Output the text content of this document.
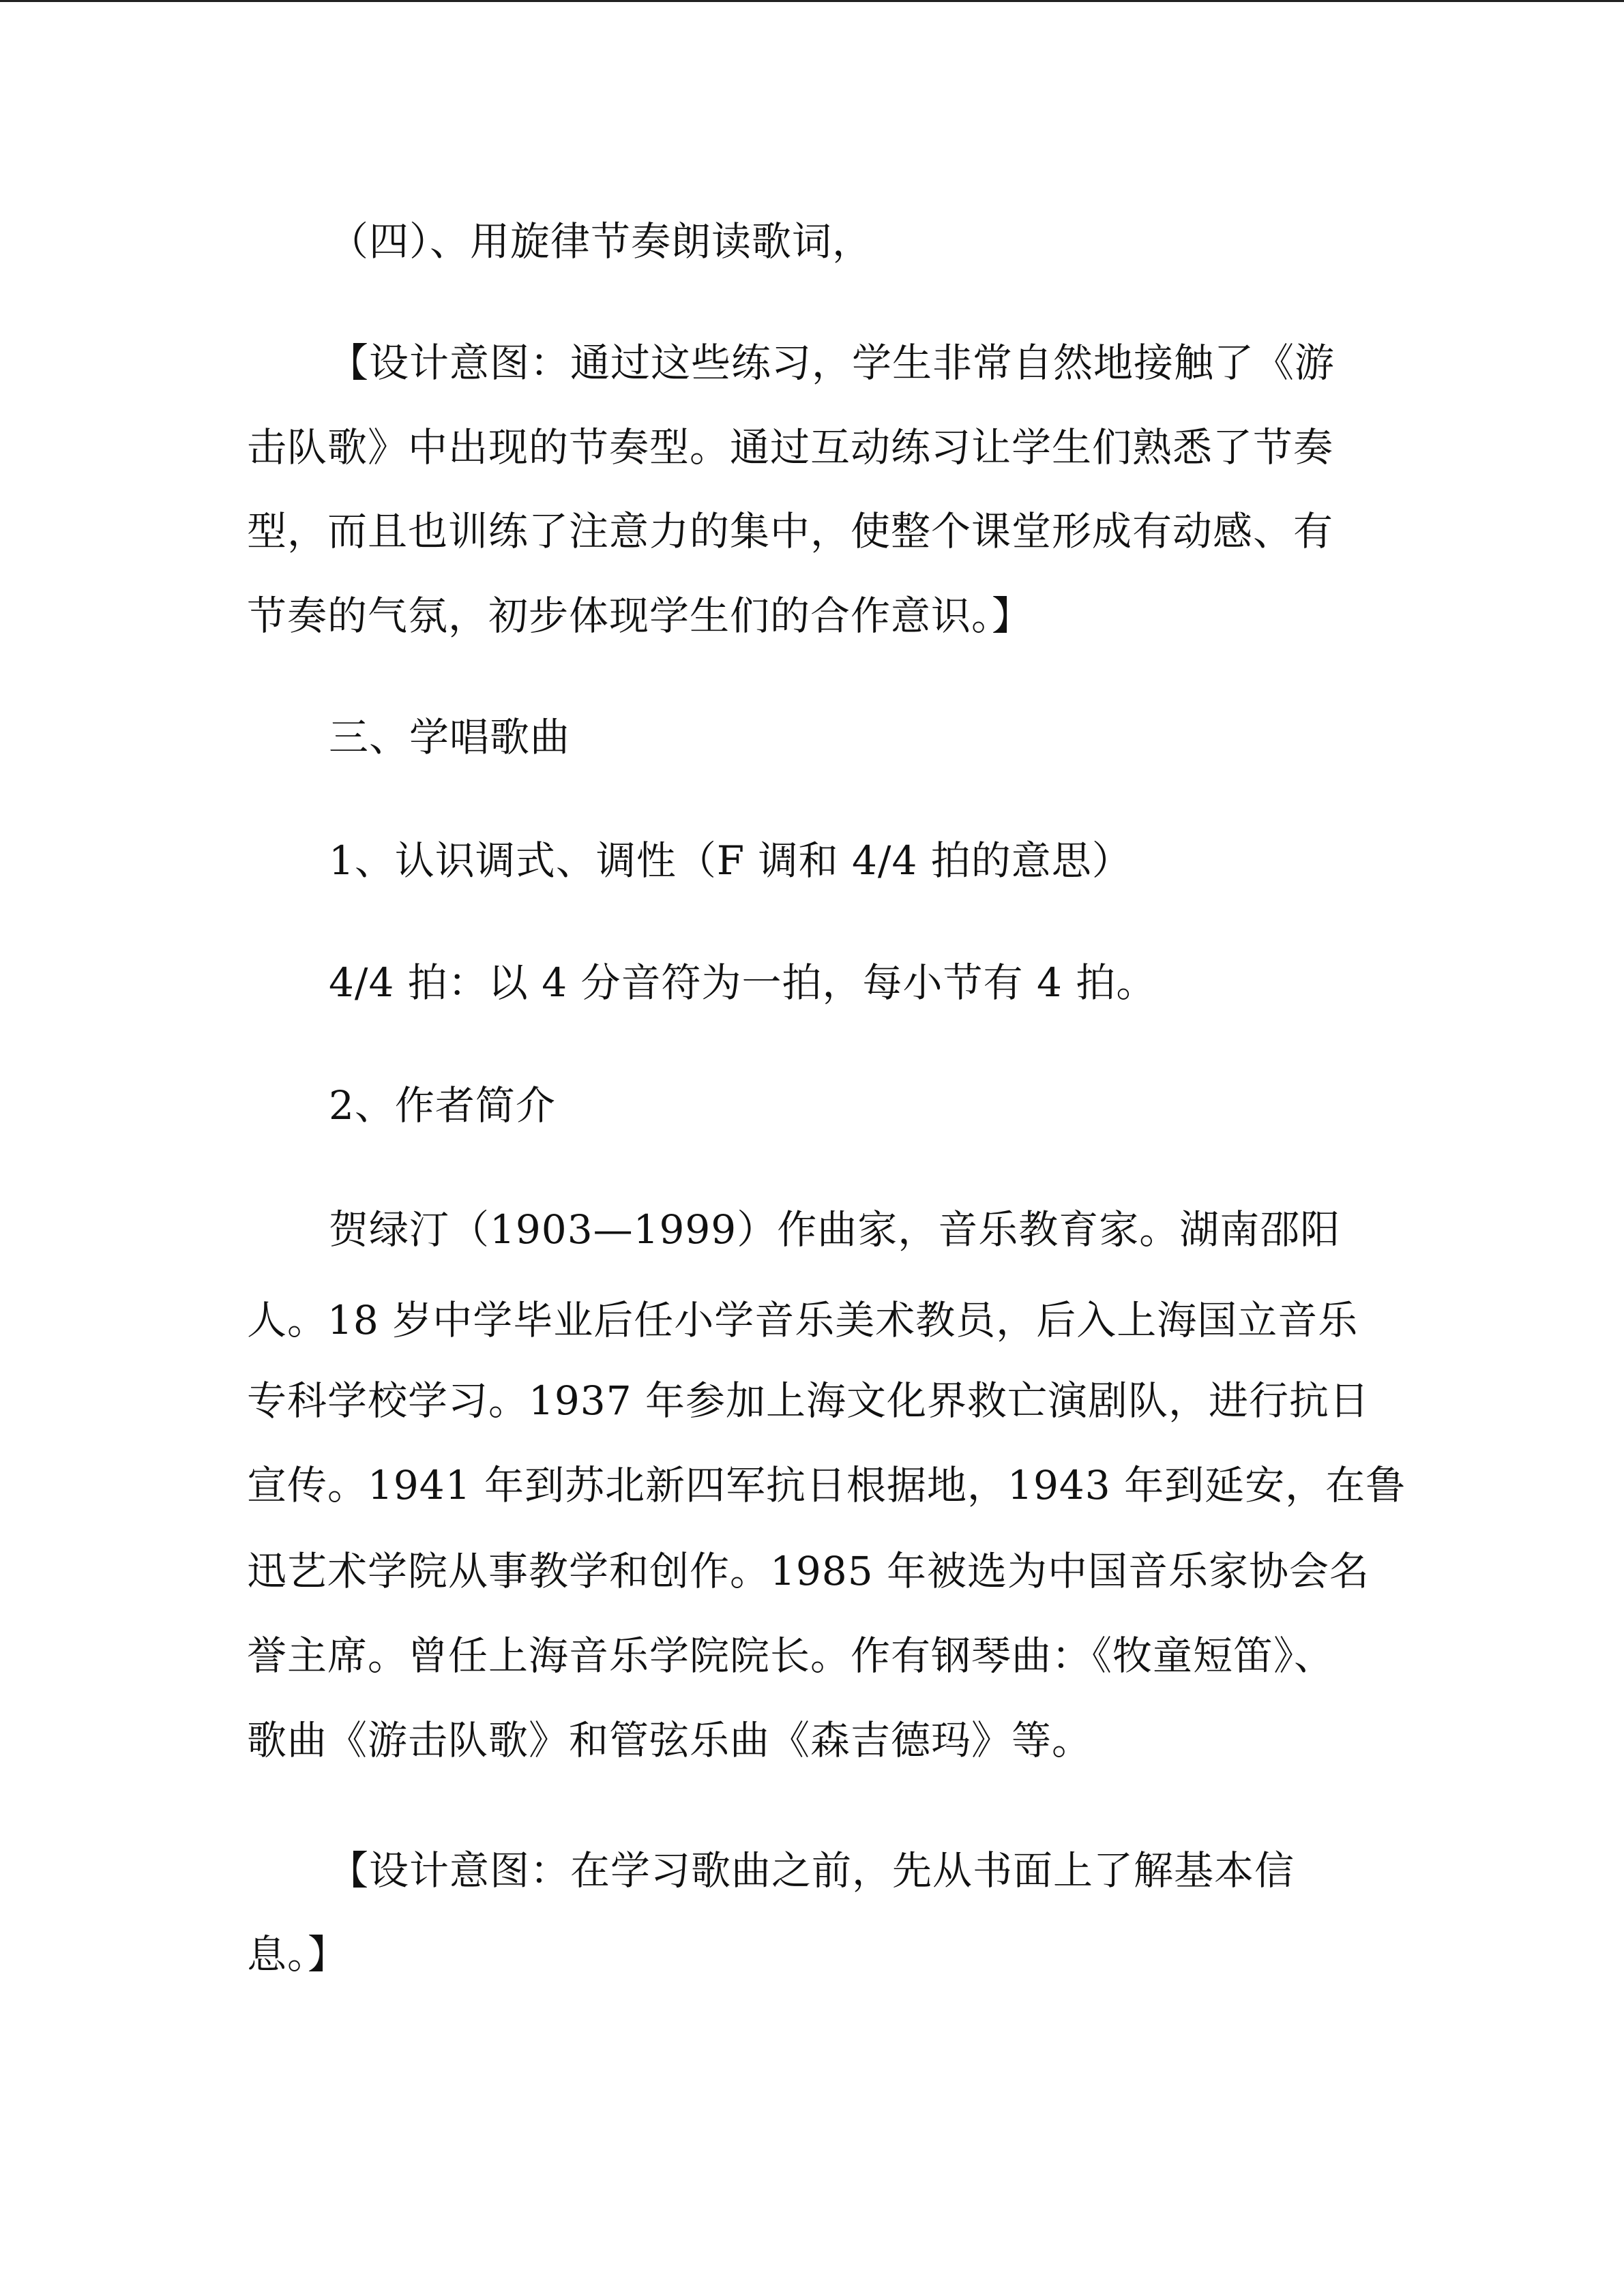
（四）、用旋律节奏朗读歌词，
【设计意图：通过这些练习，学生非常自然地接触了《游
击队歌》中出现的节奏型。通过互动练习让学生们熟悉了节奏
型，而且也训练了注意力的集中，使整个课堂形成有动感、有
节奏的气氛，初步体现学生们的合作意识。】
三、学唱歌曲
1、认识调式、调性（F 调和 4/4 拍的意思）
4/4 拍：以 4 分音符为一拍，每小节有 4 拍。
2、作者简介
贺绿汀（1903—1999）作曲家，音乐教育家。湖南邵阳
人。18 岁中学毕业后任小学音乐美术教员，后入上海国立音乐
专科学校学习。1937 年参加上海文化界救亡演剧队，进行抗日
宣传。1941 年到苏北新四军抗日根据地，1943 年到延安，在鲁
迅艺术学院从事教学和创作。1985 年被选为中国音乐家协会名
誉主席。曾任上海音乐学院院长。作有钢琴曲：《牧童短笛》、
歌曲《游击队歌》和管弦乐曲《森吉德玛》等。
【设计意图：在学习歌曲之前，先从书面上了解基本信
息。】
